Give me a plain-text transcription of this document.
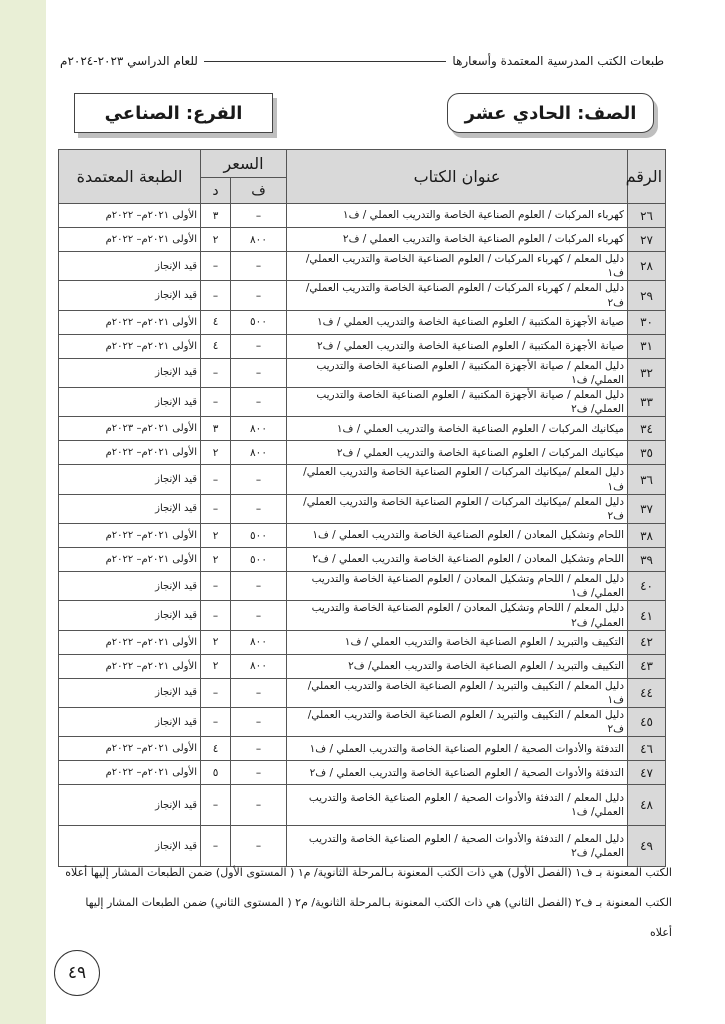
طبعات الكتب المدرسية المعتمدة وأسعارها
للعام الدراسي ٢٠٢٣-٢٠٢٤م
الصف:
الحادي عشر
الفرع:
الصناعي
الرقم	عنوان الكتاب	السعر		الطبعة المعتمدة
		ف	د	
٢٦	كهرباء المركبات / العلوم الصناعية الخاصة والتدريب العملي / ف١	–	٣	الأولى ٢٠٢١م– ٢٠٢٢م
٢٧	كهرباء المركبات / العلوم الصناعية الخاصة والتدريب العملي / ف٢	٨٠٠	٢	الأولى ٢٠٢١م– ٢٠٢٢م
٢٨	دليل المعلم / كهرباء المركبات / العلوم الصناعية الخاصة والتدريب العملي/ ف١	–	–	قيد الإنجاز
٢٩	دليل المعلم / كهرباء المركبات / العلوم الصناعية الخاصة والتدريب العملي/ ف٢	–	–	قيد الإنجاز
٣٠	صيانة الأجهزة المكتبية / العلوم الصناعية الخاصة والتدريب العملي / ف١	٥٠٠	٤	الأولى ٢٠٢١م– ٢٠٢٢م
٣١	صيانة الأجهزة المكتبية / العلوم الصناعية الخاصة والتدريب العملي / ف٢	–	٤	الأولى ٢٠٢١م– ٢٠٢٢م
٣٢	دليل المعلم / صيانة الأجهزة المكتبية / العلوم الصناعية الخاصة والتدريب العملي/ ف١	–	–	قيد الإنجاز
٣٣	دليل المعلم / صيانة الأجهزة المكتبية / العلوم الصناعية الخاصة والتدريب العملي/ ف٢	–	–	قيد الإنجاز
٣٤	ميكانيك المركبات / العلوم الصناعية الخاصة والتدريب العملي / ف١	٨٠٠	٣	الأولى ٢٠٢١م– ٢٠٢٣م
٣٥	ميكانيك المركبات / العلوم الصناعية الخاصة والتدريب العملي / ف٢	٨٠٠	٢	الأولى ٢٠٢١م– ٢٠٢٢م
٣٦	دليل المعلم /ميكانيك المركبات / العلوم الصناعية الخاصة والتدريب العملي/ ف١	–	–	قيد الإنجاز
٣٧	دليل المعلم /ميكانيك المركبات / العلوم الصناعية الخاصة والتدريب العملي/ ف٢	–	–	قيد الإنجاز
٣٨	اللحام وتشكيل المعادن / العلوم الصناعية الخاصة والتدريب العملي / ف١	٥٠٠	٢	الأولى ٢٠٢١م– ٢٠٢٢م
٣٩	اللحام وتشكيل المعادن / العلوم الصناعية الخاصة والتدريب العملي / ف٢	٥٠٠	٢	الأولى ٢٠٢١م– ٢٠٢٢م
٤٠	دليل المعلم / اللحام وتشكيل المعادن / العلوم الصناعية الخاصة والتدريب العملي/ ف١	–	–	قيد الإنجاز
٤١	دليل المعلم / اللحام وتشكيل المعادن / العلوم الصناعية الخاصة والتدريب العملي/ ف٢	–	–	قيد الإنجاز
٤٢	التكييف والتبريد / العلوم الصناعية الخاصة والتدريب العملي / ف١	٨٠٠	٢	الأولى ٢٠٢١م– ٢٠٢٢م
٤٣	التكييف والتبريد / العلوم الصناعية الخاصة والتدريب العملي/ ف٢	٨٠٠	٢	الأولى ٢٠٢١م– ٢٠٢٢م
٤٤	دليل المعلم / التكييف والتبريد / العلوم الصناعية الخاصة والتدريب العملي/ ف١	–	–	قيد الإنجاز
٤٥	دليل المعلم / التكييف والتبريد / العلوم الصناعية الخاصة والتدريب العملي/ ف٢	–	–	قيد الإنجاز
٤٦	التدفئة والأدوات الصحية / العلوم الصناعية الخاصة والتدريب العملي / ف١	–	٤	الأولى ٢٠٢١م– ٢٠٢٢م
٤٧	التدفئة والأدوات الصحية / العلوم الصناعية الخاصة والتدريب العملي / ف٢	–	٥	الأولى ٢٠٢١م– ٢٠٢٢م
٤٨	دليل المعلم / التدفئة والأدوات الصحية / العلوم الصناعية الخاصة والتدريب العملي/ ف١	–	–	قيد الإنجاز
٤٩	دليل المعلم / التدفئة والأدوات الصحية / العلوم الصناعية الخاصة والتدريب العملي/ ف٢	–	–	قيد الإنجاز
الكتب المعنونة بـ ف١ (الفصل الأول) هي ذات الكتب المعنونة بـالمرحلة الثانوية/ م١ ( المستوى الأول) ضمن الطبعات المشار إليها أعلاه
الكتب المعنونة بـ ف٢ (الفصل الثاني) هي ذات الكتب المعنونة بـالمرحلة الثانوية/ م٢ ( المستوى الثاني) ضمن الطبعات المشار إليها أعلاه
٤٩
